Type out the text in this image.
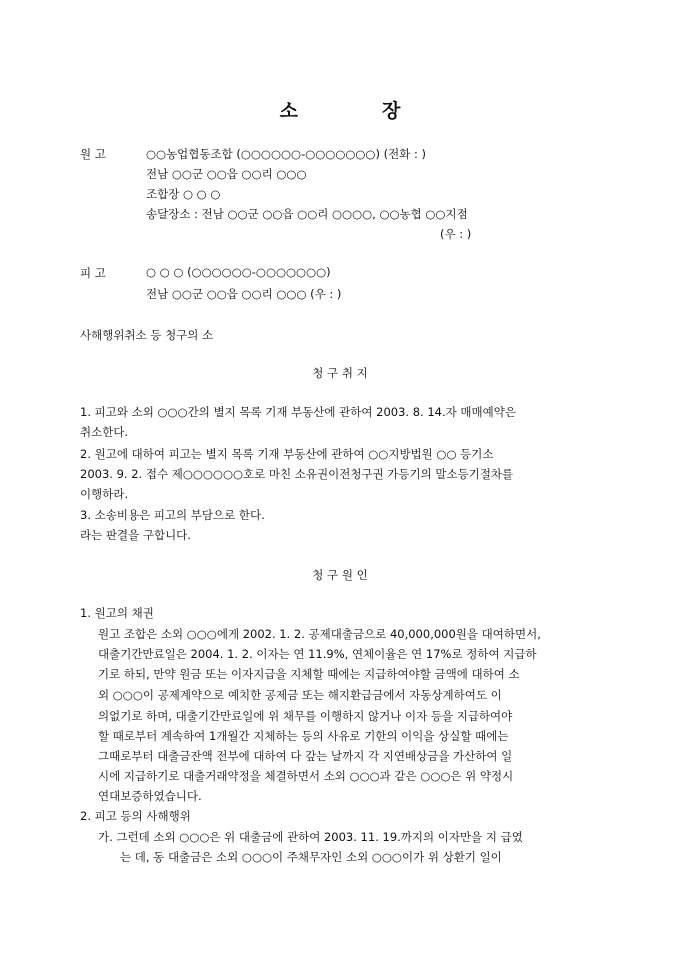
소	장
원 고	○○농업협동조합 (○○○○○○-○○○○○○○) (전화 : )
전남 ○○군 ○○읍 ○○리 ○○○
조합장 ○ ○ ○
송달장소 : 전남 ○○군 ○○읍 ○○리 ○○○○, ○○농협 ○○지점
(우 : )
피 고	○ ○ ○ (○○○○○○-○○○○○○○)
전남 ○○군 ○○읍 ○○리 ○○○ (우 : )
사해행위취소 등 청구의 소
청 구 취 지
1. 피고와 소외 ○○○간의 별지 목록 기재 부동산에 관하여 2003. 8. 14.자 매매예약은
취소한다.
2. 원고에 대하여 피고는 별지 목록 기재 부동산에 관하여 ○○지방법원 ○○ 등기소
2003. 9. 2. 접수 제○○○○○○호로 마친 소유권이전청구권 가등기의 말소등기절차를
이행하라.
3. 소송비용은 피고의 부담으로 한다.
라는 판결을 구합니다.
청 구 원 인
1. 원고의 채권
원고 조합은 소외 ○○○에게 2002. 1. 2. 공제대출금으로 40,000,000원을 대여하면서,
대출기간만료일은 2004. 1. 2. 이자는 연 11.9%, 연체이율은 연 17%로 정하여 지급하
기로 하되, 만약 원금 또는 이자지급을 지체할 때에는 지급하여야할 금액에 대하여 소
외 ○○○이 공제계약으로 예치한 공제금 또는 해지환급금에서 자동상계하여도 이
의없기로 하며, 대출기간만료일에 위 채무를 이행하지 않거나 이자 등을 지급하여야
할 때로부터 계속하여 1개월간 지체하는 등의 사유로 기한의 이익을 상실할 때에는
그때로부터 대출금잔액 전부에 대하여 다 갚는 날까지 각 지연배상금을 가산하여 일
시에 지급하기로 대출거래약정을 체결하면서 소외 ○○○과 같은 ○○○은 위 약정시
연대보증하였습니다.
2. 피고 등의 사해행위
가. 그런데 소외 ○○○은 위 대출금에 관하여 2003. 11. 19.까지의 이자만을 지 급였
는 데, 동 대출금은 소외 ○○○이 주채무자인 소외 ○○○이가 위 상환기 일이
